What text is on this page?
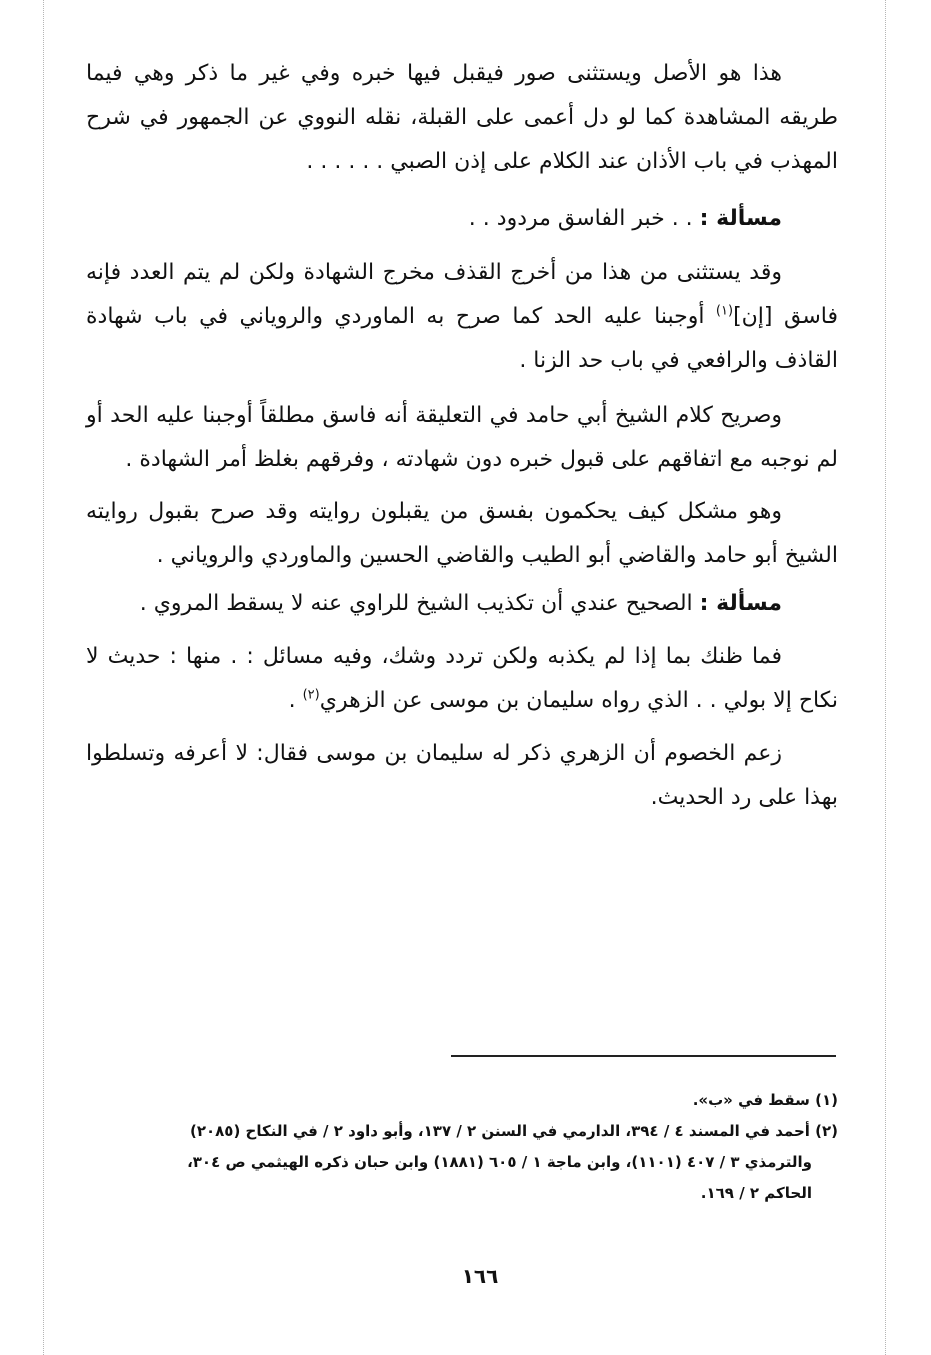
هذا هو الأصل ويستثنى صور فيقبل فيها خبره وفي غير ما ذكر وهي فيما طريقه المشاهدة كما لو دل أعمى على القبلة، نقله النووي عن الجمهور في شرح المهذب في باب الأذان عند الكلام على إذن الصبي . . . . . .

مسألة : . . خبر الفاسق مردود . .

وقد يستثنى من هذا من أخرج القذف مخرج الشهادة ولكن لم يتم العدد فإنه فاسق [إن]$^{(١)}$ أوجبنا عليه الحد كما صرح به الماوردي والروياني في باب شهادة القاذف والرافعي في باب حد الزنا .

وصريح كلام الشيخ أبي حامد في التعليقة أنه فاسق مطلقاً أوجبنا عليه الحد أو لم نوجبه مع اتفاقهم على قبول خبره دون شهادته ، وفرقهم بغلظ أمر الشهادة .

وهو مشكل كيف يحكمون بفسق من يقبلون روايته وقد صرح بقبول روايته الشيخ أبو حامد والقاضي أبو الطيب والقاضي الحسين والماوردي والروياني .

مسألة : الصحيح عندي أن تكذيب الشيخ للراوي عنه لا يسقط المروي .

فما ظنك بما إذا لم يكذبه ولكن تردد وشك، وفيه مسائل : . منها : حديث لا نكاح إلا بولي . . الذي رواه سليمان بن موسى عن الزهري$^{(٢)}$ .

زعم الخصوم أن الزهري ذكر له سليمان بن موسى فقال: لا أعرفه وتسلطوا بهذا على رد الحديث.

(١) سقط في «ب».

(٢) أحمد في المسند ٤ / ٣٩٤، الدارمي في السنن ٢ / ١٣٧، وأبو داود ٢ / في النكاح (٢٠٨٥)

والترمذي ٣ / ٤٠٧ (١١٠١)، وابن ماجة ١ / ٦٠٥ (١٨٨١) وابن حبان ذكره الهيثمي ص ٣٠٤،

الحاكم ٢ / ١٦٩.

١٦٦
